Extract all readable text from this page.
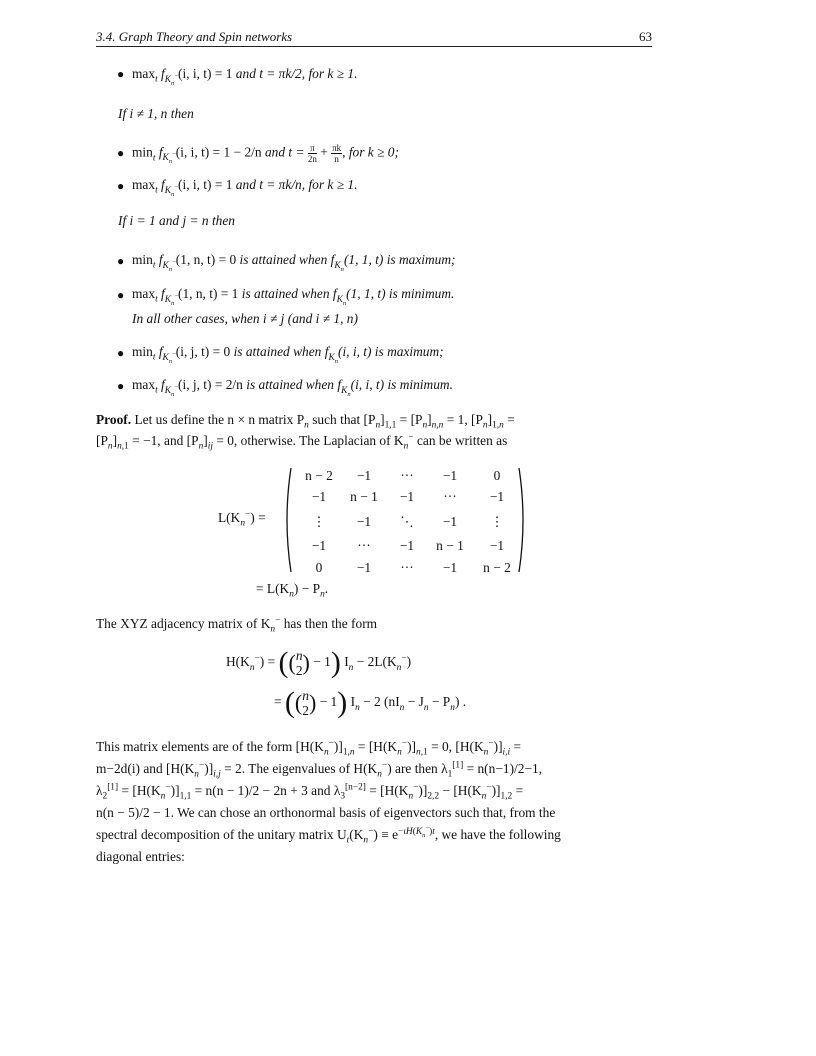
3.4. Graph Theory and Spin networks	63
● $\max_t f_{K_n^-}(i$, i, t) = 1 and t = πk/2, for k ≥ 1.
If i ≠ 1, n then
● $\min_t f_{K_n^-}(i$, i, t) = 1 − 2/n and $t = \frac{\pi}{2n} + \frac{\pi k}{n}$ , for k ≥ 0;
● $\max_t f_{K_n^-}(i$, i, t) = 1 and t = πk/n, for k ≥ 1.
If i = 1 and j = n then
● $\min_t f_{K_n^-}(1$, n, t) = 0 is attained when $f_{K_n}(1$, 1, t) is maximum;
● $\max_t f_{K_n^-}(1$, n, t) = 1 is attained when $f_{K_n}(1$, 1, t) is minimum.
In all other cases, when i ≠ j (and i ≠ 1, n)
● $\min_t f_{K_n^-}(i$, j, t) = 0 is attained when $f_{K_n}(i$, i, t) is maximum;
● $\max_t f_{K_n^-}(i$, j, t) = 2/n is attained when $f_{K_n}(i$, i, t) is minimum.
Proof. Let us define the n × n matrix $P_n$ such that $[P_n]_{1,1} = [P_n]_{n,n} = 1$, $[P_n]_{1,n}$ =
$[P_n]_{n,1} = -1$, and $[P_n]_{ij} = 0$, otherwise. The Laplacian of $K_n^-$ can be written as
$L(K_n^-)$ =
n − 2	−1	···	−1	0
−1	n − 1	−1	···	−1
⋮	−1	⋱	−1	⋮
−1	···	−1	n − 1	−1
0	−1	···	−1	n − 2
= $L(K_n) - P_n$.
The XYZ adjacency matrix of $K_n^-$ has then the form
$H(K_n^-) = ((n$
2) − 1) $I_n - 2L(K_n^-)$
= ((n
2) − 1) $I_n - 2$ $(nI_n - J_n - P_n)$ .
This matrix elements are of the form $[H(K_n^-)]_{1,n} = [H(K_n^-)]_{n,1} = 0$, $[H(K_n^-)]_{i,i}$ =
m−2d(i) and $[H(K_n^-)]_{i,j} = 2$. The eigenvalues of $H(K_n^-)$ are then $\lambda_1[1] = n(n-1)/2-1$,
$\lambda_2[1] = [H(K_n^-)]_{1,1} = n(n - 1)/2 - 2n + 3$ and $\lambda_3[n-2] = [H(K_n^-)]_{2,2} - [H(K_n^-)]_{1,2}$ =
n(n − 5)/2 − 1. We can chose an orthonormal basis of eigenvectors such that, from the
spectral decomposition of the unitary matrix $U_t(K_n^-) \equiv e^{-\iota H(K_n^-)t}$, we have the following
diagonal entries:
